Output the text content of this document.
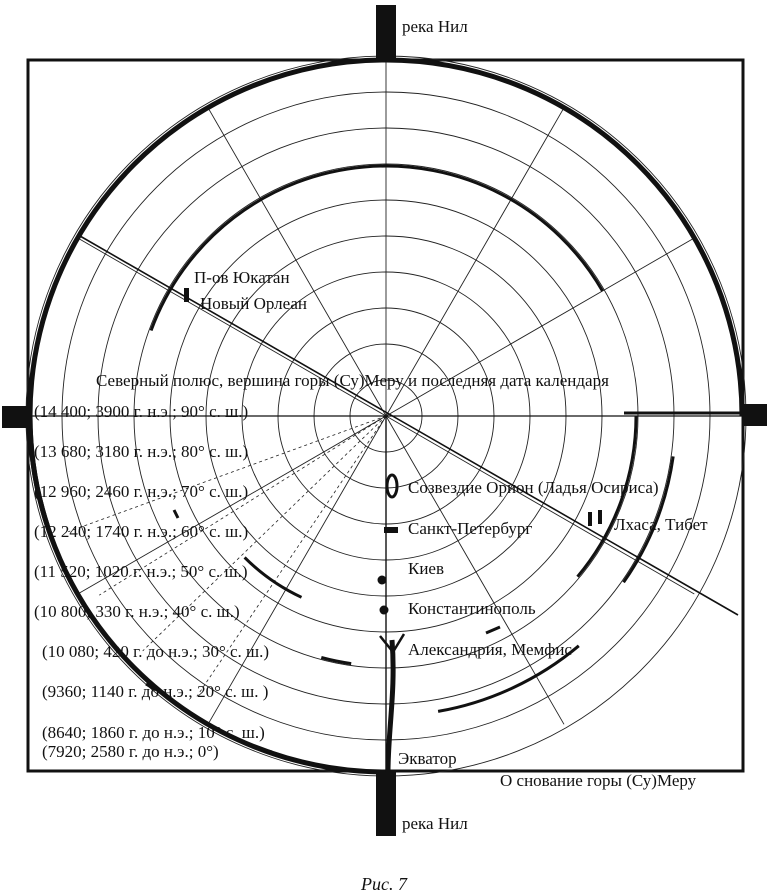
река Нил
река Нил
Северный полюс, вершина горы (Су)Меру и последняя дата календаря
П-ов Юкатан
Новый Орлеан
Созвездие Орион (Ладья Осириса)
Санкт-Петербург	Лхаса, Тибет
Киев
Константинополь
Александрия, Мемфис
Экватор
О снование горы (Су)Меру
(14 400; 3900 г. н.э.; 90° с. ш.)
(13 680; 3180 г. н.э.; 80° с. ш.)
(12 960; 2460 г. н.э.; 70° с. ш.)
(12 240; 1740 г. н.э.; 60° с. ш.)
(11 520; 1020 г. н.э.; 50° с. ш.)
(10 800; 330 г. н.э.; 40° с. ш.)
(10 080; 420 г. до н.э.; 30° с. ш.)
(9360; 1140 г. до н.э.; 20° с. ш. )
(8640; 1860 г. до н.э.; 10° с. ш.)
(7920; 2580 г. до н.э.; 0°)
Рис. 7
